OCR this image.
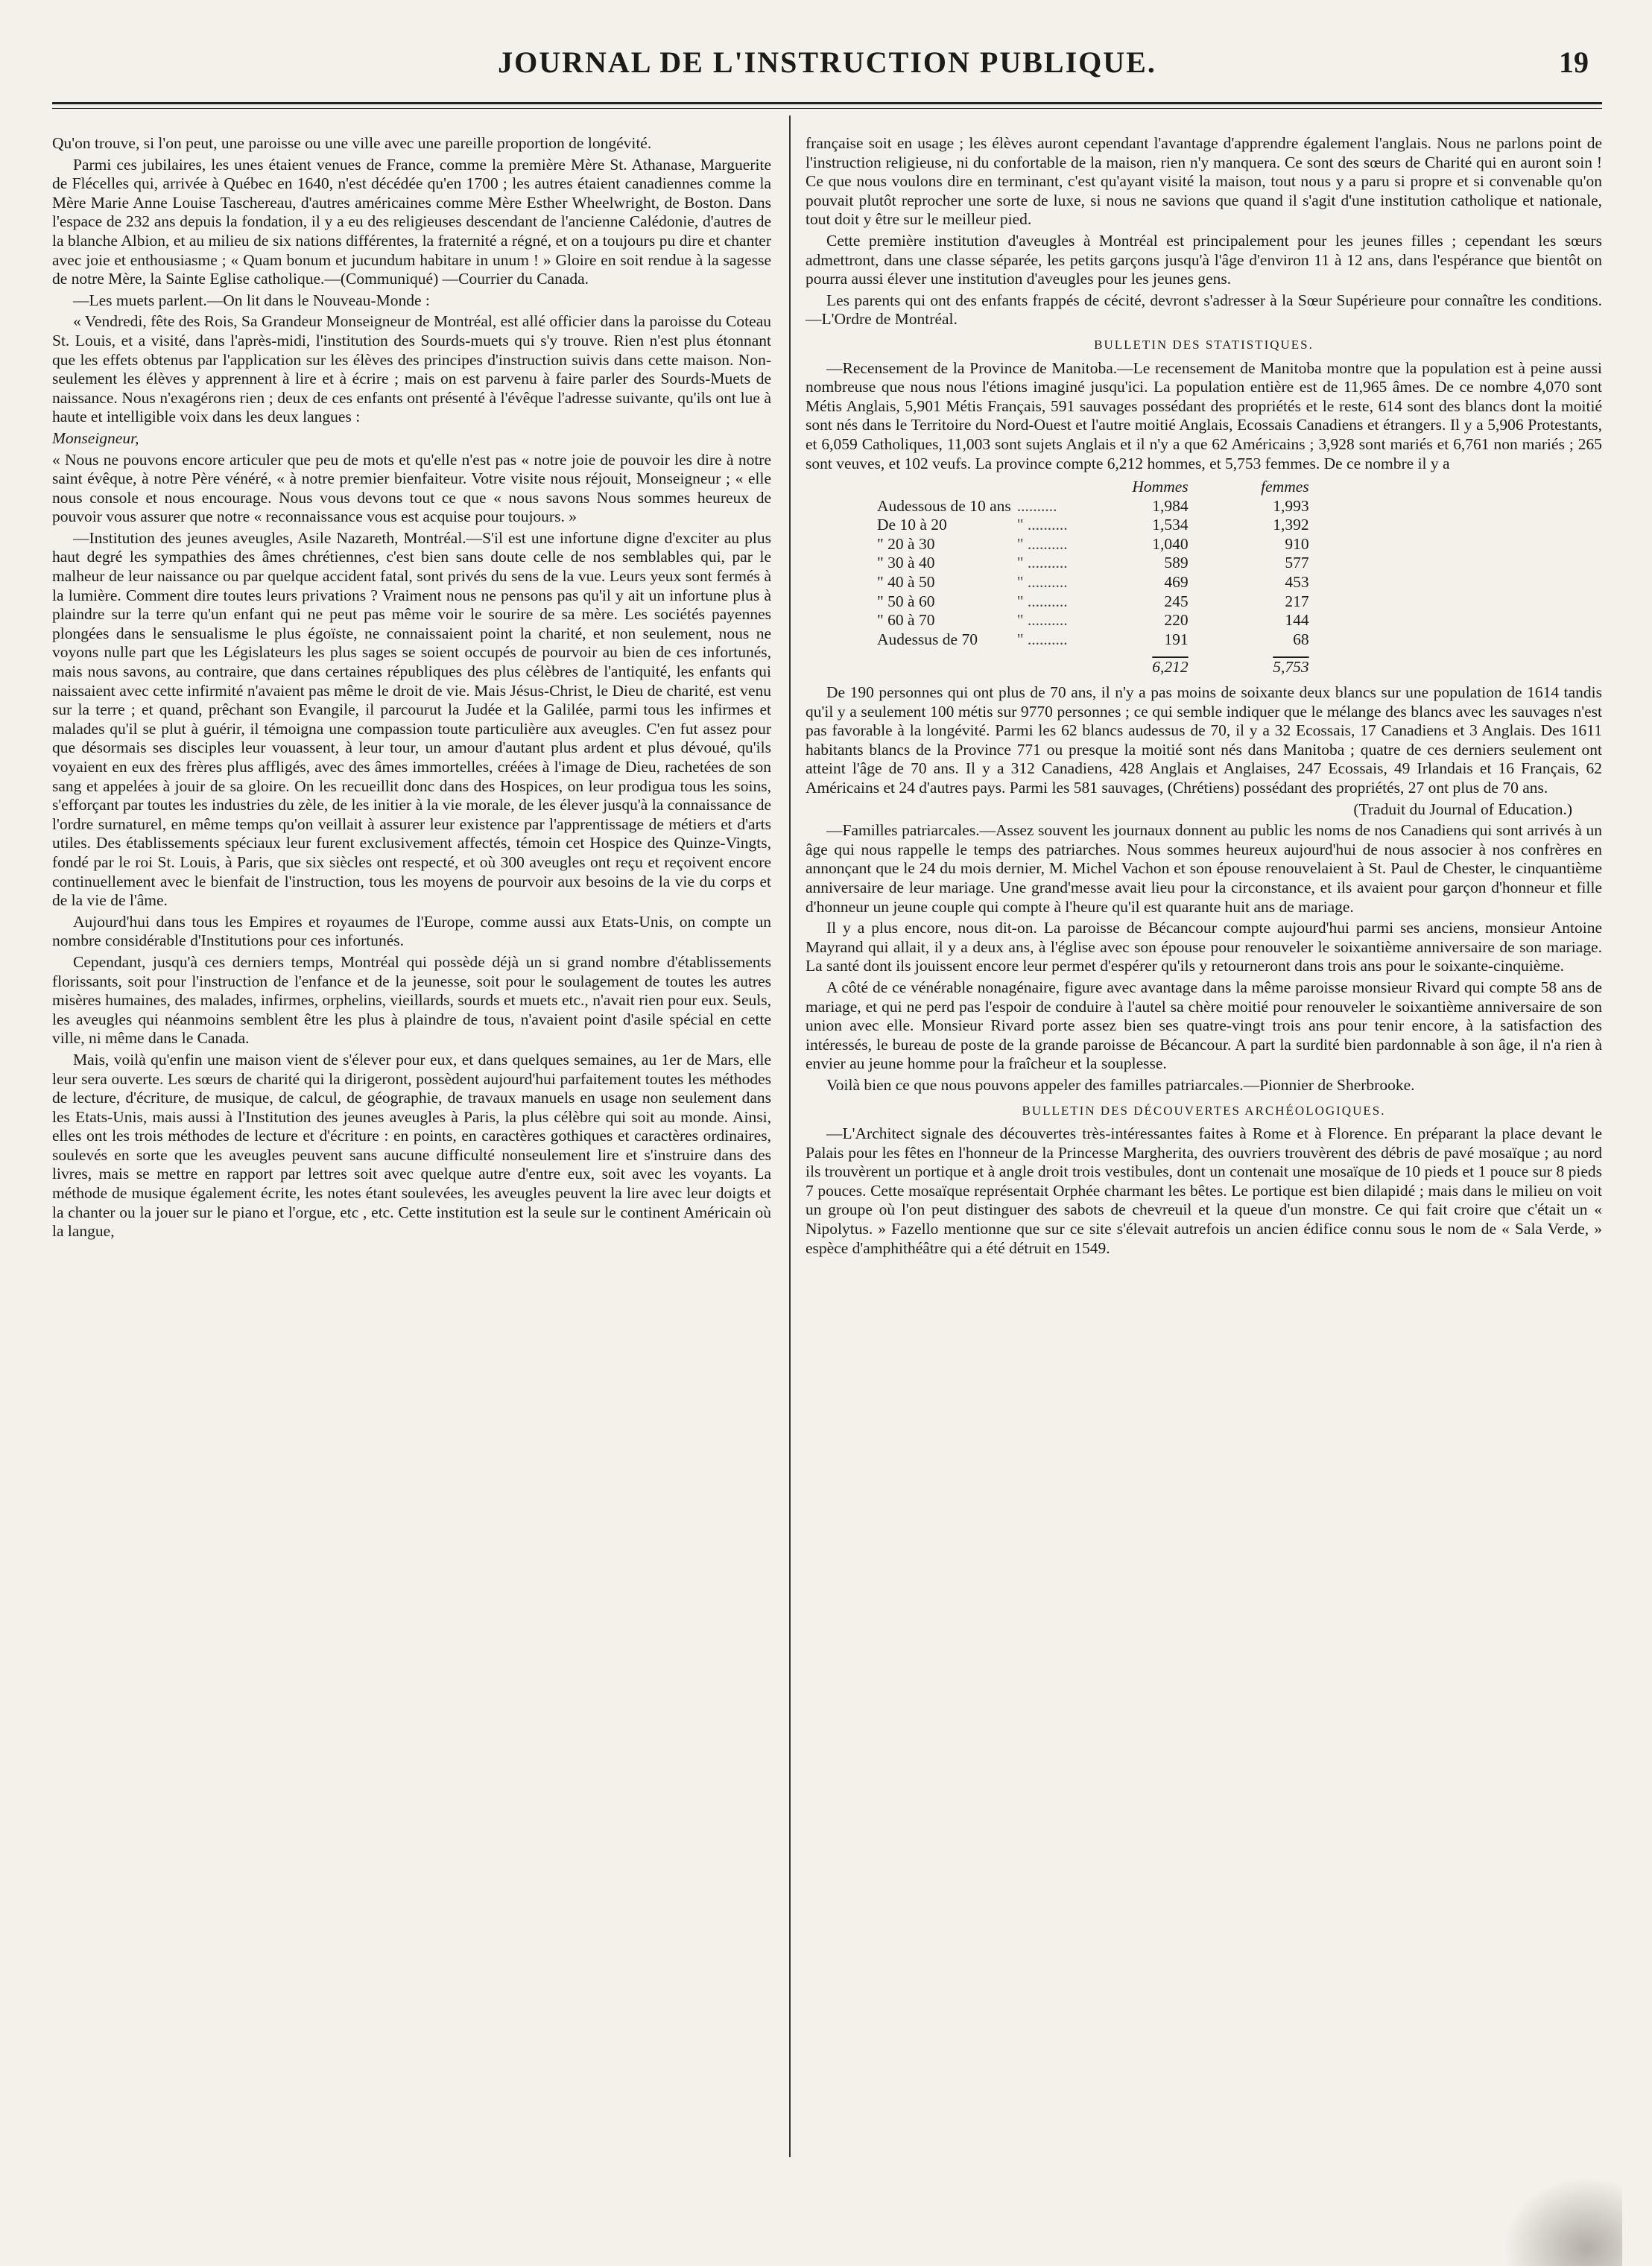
JOURNAL DE L'INSTRUCTION PUBLIQUE.	19

Qu'on trouve, si l'on peut, une paroisse ou une ville avec une pareille proportion de longévité.

Parmi ces jubilaires, les unes étaient venues de France, comme la première Mère St. Athanase, Marguerite de Flécelles qui, arrivée à Québec en 1640, n'est décédée qu'en 1700 ; les autres étaient canadiennes comme la Mère Marie Anne Louise Taschereau, d'autres américaines comme Mère Esther Wheelwright, de Boston. Dans l'espace de 232 ans depuis la fondation, il y a eu des religieuses descendant de l'ancienne Calédonie, d'autres de la blanche Albion, et au milieu de six nations différentes, la fraternité a régné, et on a toujours pu dire et chanter avec joie et enthousiasme ; « Quam bonum et jucundum habitare in unum ! » Gloire en soit rendue à la sagesse de notre Mère, la Sainte Eglise catholique.—(Communiqué) —Courrier du Canada.

—Les muets parlent.—On lit dans le Nouveau-Monde :

« Vendredi, fête des Rois, Sa Grandeur Monseigneur de Montréal, est allé officier dans la paroisse du Coteau St. Louis, et a visité, dans l'après-midi, l'institution des Sourds-muets qui s'y trouve. Rien n'est plus étonnant que les effets obtenus par l'application sur les élèves des principes d'instruction suivis dans cette maison. Non-seulement les élèves y apprennent à lire et à écrire ; mais on est parvenu à faire parler des Sourds-Muets de naissance. Nous n'exagérons rien ; deux de ces enfants ont présenté à l'évêque l'adresse suivante, qu'ils ont lue à haute et intelligible voix dans les deux langues :

Monseigneur,

« Nous ne pouvons encore articuler que peu de mots et qu'elle n'est pas « notre joie de pouvoir les dire à notre saint évêque, à notre Père vénéré, « à notre premier bienfaiteur. Votre visite nous réjouit, Monseigneur ; « elle nous console et nous encourage. Nous vous devons tout ce que « nous savons Nous sommes heureux de pouvoir vous assurer que notre « reconnaissance vous est acquise pour toujours. »

—Institution des jeunes aveugles, Asile Nazareth, Montréal.—S'il est une infortune digne d'exciter au plus haut degré les sympathies des âmes chrétiennes, c'est bien sans doute celle de nos semblables qui, par le malheur de leur naissance ou par quelque accident fatal, sont privés du sens de la vue. Leurs yeux sont fermés à la lumière. Comment dire toutes leurs privations ? Vraiment nous ne pensons pas qu'il y ait un infortune plus à plaindre sur la terre qu'un enfant qui ne peut pas même voir le sourire de sa mère. Les sociétés payennes plongées dans le sensualisme le plus égoïste, ne connaissaient point la charité, et non seulement, nous ne voyons nulle part que les Législateurs les plus sages se soient occupés de pourvoir au bien de ces infortunés, mais nous savons, au contraire, que dans certaines républiques des plus célèbres de l'antiquité, les enfants qui naissaient avec cette infirmité n'avaient pas même le droit de vie. Mais Jésus-Christ, le Dieu de charité, est venu sur la terre ; et quand, prêchant son Evangile, il parcourut la Judée et la Galilée, parmi tous les infirmes et malades qu'il se plut à guérir, il témoigna une compassion toute particulière aux aveugles. C'en fut assez pour que désormais ses disciples leur vouassent, à leur tour, un amour d'autant plus ardent et plus dévoué, qu'ils voyaient en eux des frères plus affligés, avec des âmes immortelles, créées à l'image de Dieu, rachetées de son sang et appelées à jouir de sa gloire. On les recueillit donc dans des Hospices, on leur prodigua tous les soins, s'efforçant par toutes les industries du zèle, de les initier à la vie morale, de les élever jusqu'à la connaissance de l'ordre surnaturel, en même temps qu'on veillait à assurer leur existence par l'apprentissage de métiers et d'arts utiles. Des établissements spéciaux leur furent exclusivement affectés, témoin cet Hospice des Quinze-Vingts, fondé par le roi St. Louis, à Paris, que six siècles ont respecté, et où 300 aveugles ont reçu et reçoivent encore continuellement avec le bienfait de l'instruction, tous les moyens de pourvoir aux besoins de la vie du corps et de la vie de l'âme.

Aujourd'hui dans tous les Empires et royaumes de l'Europe, comme aussi aux Etats-Unis, on compte un nombre considérable d'Institutions pour ces infortunés.

Cependant, jusqu'à ces derniers temps, Montréal qui possède déjà un si grand nombre d'établissements florissants, soit pour l'instruction de l'enfance et de la jeunesse, soit pour le soulagement de toutes les autres misères humaines, des malades, infirmes, orphelins, vieillards, sourds et muets etc., n'avait rien pour eux. Seuls, les aveugles qui néanmoins semblent être les plus à plaindre de tous, n'avaient point d'asile spécial en cette ville, ni même dans le Canada.

Mais, voilà qu'enfin une maison vient de s'élever pour eux, et dans quelques semaines, au 1er de Mars, elle leur sera ouverte. Les sœurs de charité qui la dirigeront, possèdent aujourd'hui parfaitement toutes les méthodes de lecture, d'écriture, de musique, de calcul, de géographie, de travaux manuels en usage non seulement dans les Etats-Unis, mais aussi à l'Institution des jeunes aveugles à Paris, la plus célèbre qui soit au monde. Ainsi, elles ont les trois méthodes de lecture et d'écriture : en points, en caractères gothiques et caractères ordinaires, soulevés en sorte que les aveugles peuvent sans aucune difficulté nonseulement lire et s'instruire dans des livres, mais se mettre en rapport par lettres soit avec quelque autre d'entre eux, soit avec les voyants. La méthode de musique également écrite, les notes étant soulevées, les aveugles peuvent la lire avec leur doigts et la chanter ou la jouer sur le piano et l'orgue, etc , etc. Cette institution est la seule sur le continent Américain où la langue,

française soit en usage ; les élèves auront cependant l'avantage d'apprendre également l'anglais. Nous ne parlons point de l'instruction religieuse, ni du confortable de la maison, rien n'y manquera. Ce sont des sœurs de Charité qui en auront soin ! Ce que nous voulons dire en terminant, c'est qu'ayant visité la maison, tout nous y a paru si propre et si convenable qu'on pouvait plutôt reprocher une sorte de luxe, si nous ne savions que quand il s'agit d'une institution catholique et nationale, tout doit y être sur le meilleur pied.

Cette première institution d'aveugles à Montréal est principalement pour les jeunes filles ; cependant les sœurs admettront, dans une classe séparée, les petits garçons jusqu'à l'âge d'environ 11 à 12 ans, dans l'espérance que bientôt on pourra aussi élever une institution d'aveugles pour les jeunes gens.

Les parents qui ont des enfants frappés de cécité, devront s'adresser à la Sœur Supérieure pour connaître les conditions.—L'Ordre de Montréal.

BULLETIN DES STATISTIQUES.

—Recensement de la Province de Manitoba.—Le recensement de Manitoba montre que la population est à peine aussi nombreuse que nous nous l'étions imaginé jusqu'ici. La population entière est de 11,965 âmes. De ce nombre 4,070 sont Métis Anglais, 5,901 Métis Français, 591 sauvages possédant des propriétés et le reste, 614 sont des blancs dont la moitié sont nés dans le Territoire du Nord-Ouest et l'autre moitié Anglais, Ecossais Canadiens et étrangers. Il y a 5,906 Protestants, et 6,059 Catholiques, 11,003 sont sujets Anglais et il n'y a que 62 Américains ; 3,928 sont mariés et 6,761 non mariés ; 265 sont veuves, et 102 veufs. La province compte 6,212 hommes, et 5,753 femmes. De ce nombre il y a

		Hommes	femmes
Audessous de 10 ans	..........	1,984	1,993
De 10 à 20	" ..........	1,534	1,392
" 20 à 30	" ..........	1,040	910
" 30 à 40	" ..........	589	577
" 40 à 50	" ..........	469	453
" 50 à 60	" ..........	245	217
" 60 à 70	" ..........	220	144
Audessus de 70	" ..........	191	68
		6,212	5,753

De 190 personnes qui ont plus de 70 ans, il n'y a pas moins de soixante deux blancs sur une population de 1614 tandis qu'il y a seulement 100 métis sur 9770 personnes ; ce qui semble indiquer que le mélange des blancs avec les sauvages n'est pas favorable à la longévité. Parmi les 62 blancs audessus de 70, il y a 32 Ecossais, 17 Canadiens et 3 Anglais. Des 1611 habitants blancs de la Province 771 ou presque la moitié sont nés dans Manitoba ; quatre de ces derniers seulement ont atteint l'âge de 70 ans. Il y a 312 Canadiens, 428 Anglais et Anglaises, 247 Ecossais, 49 Irlandais et 16 Français, 62 Américains et 24 d'autres pays. Parmi les 581 sauvages, (Chrétiens) possédant des propriétés, 27 ont plus de 70 ans.

(Traduit du Journal of Education.)

—Familles patriarcales.—Assez souvent les journaux donnent au public les noms de nos Canadiens qui sont arrivés à un âge qui nous rappelle le temps des patriarches. Nous sommes heureux aujourd'hui de nous associer à nos confrères en annonçant que le 24 du mois dernier, M. Michel Vachon et son épouse renouvelaient à St. Paul de Chester, le cinquantième anniversaire de leur mariage. Une grand'messe avait lieu pour la circonstance, et ils avaient pour garçon d'honneur et fille d'honneur un jeune couple qui compte à l'heure qu'il est quarante huit ans de mariage.

Il y a plus encore, nous dit-on. La paroisse de Bécancour compte aujourd'hui parmi ses anciens, monsieur Antoine Mayrand qui allait, il y a deux ans, à l'église avec son épouse pour renouveler le soixantième anniversaire de son mariage. La santé dont ils jouissent encore leur permet d'espérer qu'ils y retourneront dans trois ans pour le soixante-cinquième.

A côté de ce vénérable nonagénaire, figure avec avantage dans la même paroisse monsieur Rivard qui compte 58 ans de mariage, et qui ne perd pas l'espoir de conduire à l'autel sa chère moitié pour renouveler le soixantième anniversaire de son union avec elle. Monsieur Rivard porte assez bien ses quatre-vingt trois ans pour tenir encore, à la satisfaction des intéressés, le bureau de poste de la grande paroisse de Bécancour. A part la surdité bien pardonnable à son âge, il n'a rien à envier au jeune homme pour la fraîcheur et la souplesse.

Voilà bien ce que nous pouvons appeler des familles patriarcales.—Pionnier de Sherbrooke.

BULLETIN DES DÉCOUVERTES ARCHÉOLOGIQUES.

—L'Architect signale des découvertes très-intéressantes faites à Rome et à Florence. En préparant la place devant le Palais pour les fêtes en l'honneur de la Princesse Margherita, des ouvriers trouvèrent des débris de pavé mosaïque ; au nord ils trouvèrent un portique et à angle droit trois vestibules, dont un contenait une mosaïque de 10 pieds et 1 pouce sur 8 pieds 7 pouces. Cette mosaïque représentait Orphée charmant les bêtes. Le portique est bien dilapidé ; mais dans le milieu on voit un groupe où l'on peut distinguer des sabots de chevreuil et la queue d'un monstre. Ce qui fait croire que c'était un « Nipolytus. » Fazello mentionne que sur ce site s'élevait autrefois un ancien édifice connu sous le nom de « Sala Verde, » espèce d'amphithéâtre qui a été détruit en 1549.
